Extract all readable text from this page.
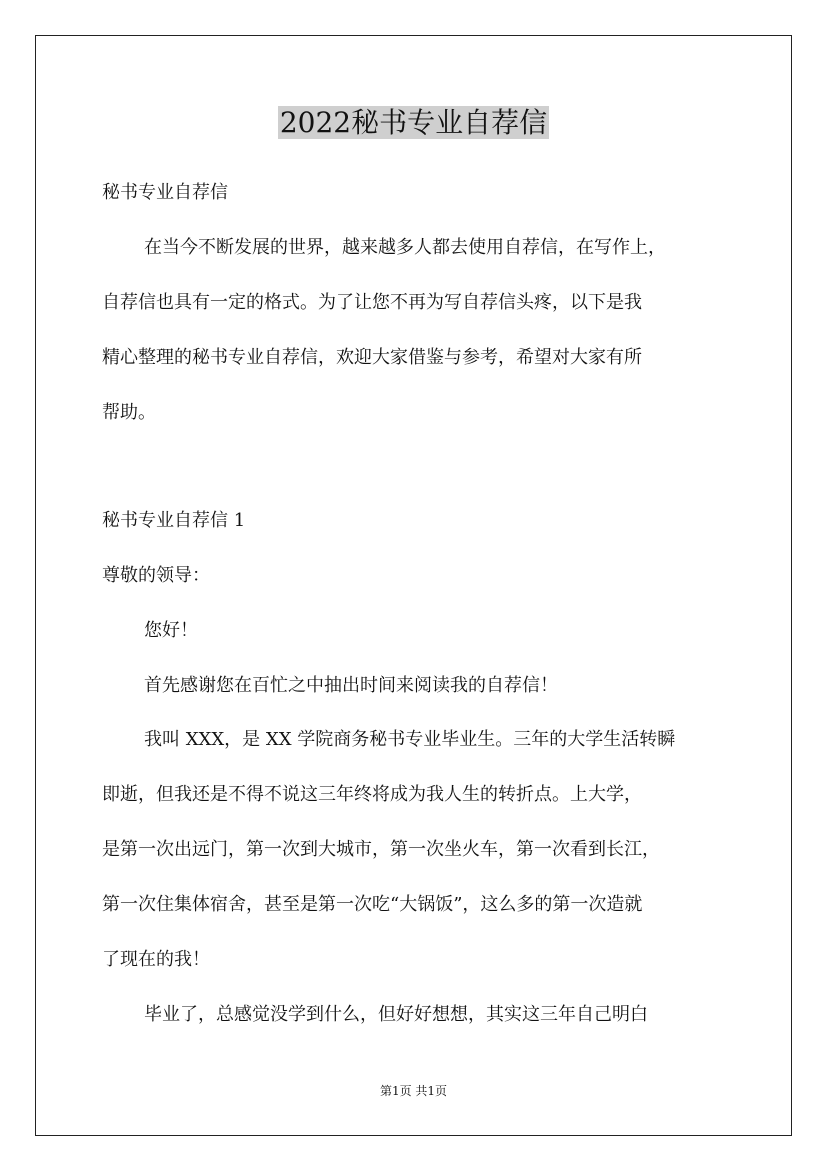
2022秘书专业自荐信
秘书专业自荐信
在当今不断发展的世界，越来越多人都去使用自荐信，在写作上，
自荐信也具有一定的格式。为了让您不再为写自荐信头疼，以下是我
精心整理的秘书专业自荐信，欢迎大家借鉴与参考，希望对大家有所
帮助。
秘书专业自荐信 1
尊敬的领导：
您好！
首先感谢您在百忙之中抽出时间来阅读我的自荐信！
我叫 XXX，是 XX 学院商务秘书专业毕业生。三年的大学生活转瞬
即逝，但我还是不得不说这三年终将成为我人生的转折点。上大学，
是第一次出远门，第一次到大城市，第一次坐火车，第一次看到长江，
第一次住集体宿舍，甚至是第一次吃“大锅饭”，这么多的第一次造就
了现在的我！
毕业了，总感觉没学到什么，但好好想想，其实这三年自己明白
第1页 共1页
